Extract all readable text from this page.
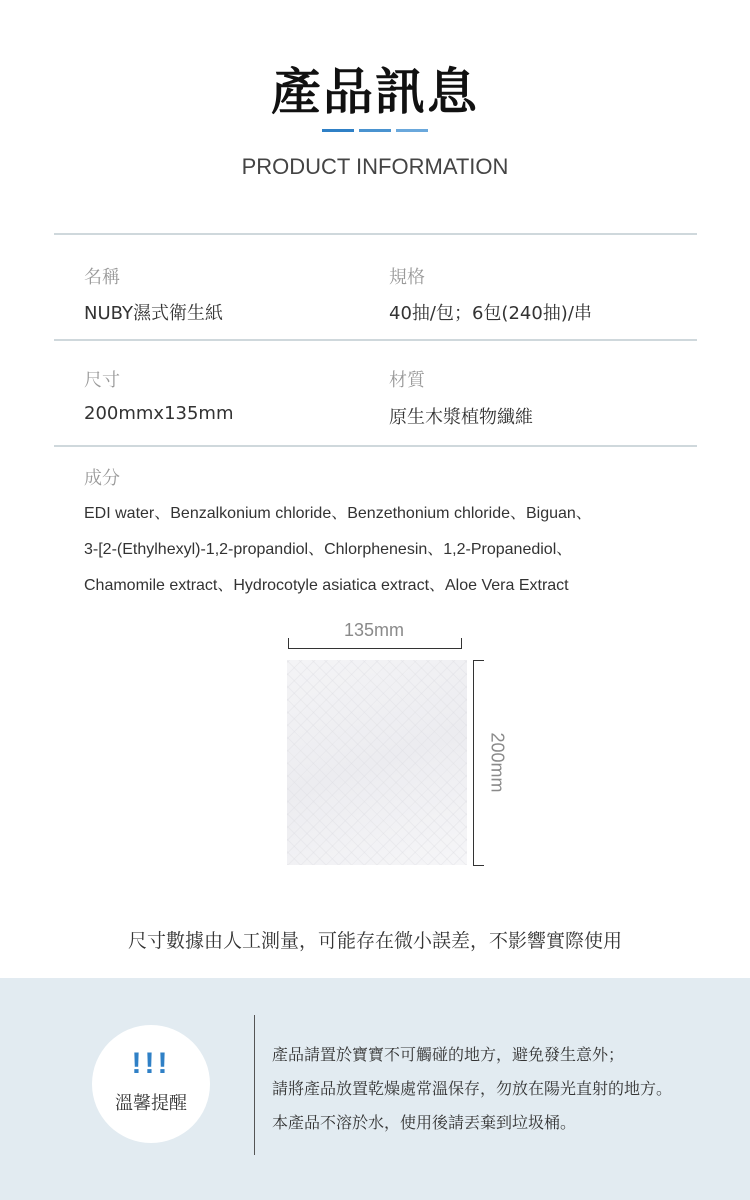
產品訊息
PRODUCT INFORMATION
名稱
NUBY濕式衛生紙
規格
40抽/包；6包(240抽)/串
尺寸
200mmx135mm
材質
原生木漿植物纖維
成分
EDI water、Benzalkonium chloride、Benzethonium chloride、Biguan、
3-[2-(Ethylhexyl)-1,2-propandiol、Chlorphenesin、1,2-Propanediol、
Chamomile extract、Hydrocotyle asiatica extract、Aloe Vera Extract
135mm
200mm
尺寸數據由人工測量，可能存在微小誤差，不影響實際使用
!!!
溫馨提醒
產品請置於寶寶不可觸碰的地方，避免發生意外；
請將產品放置乾燥處常溫保存，勿放在陽光直射的地方。
本產品不溶於水，使用後請丟棄到垃圾桶。
